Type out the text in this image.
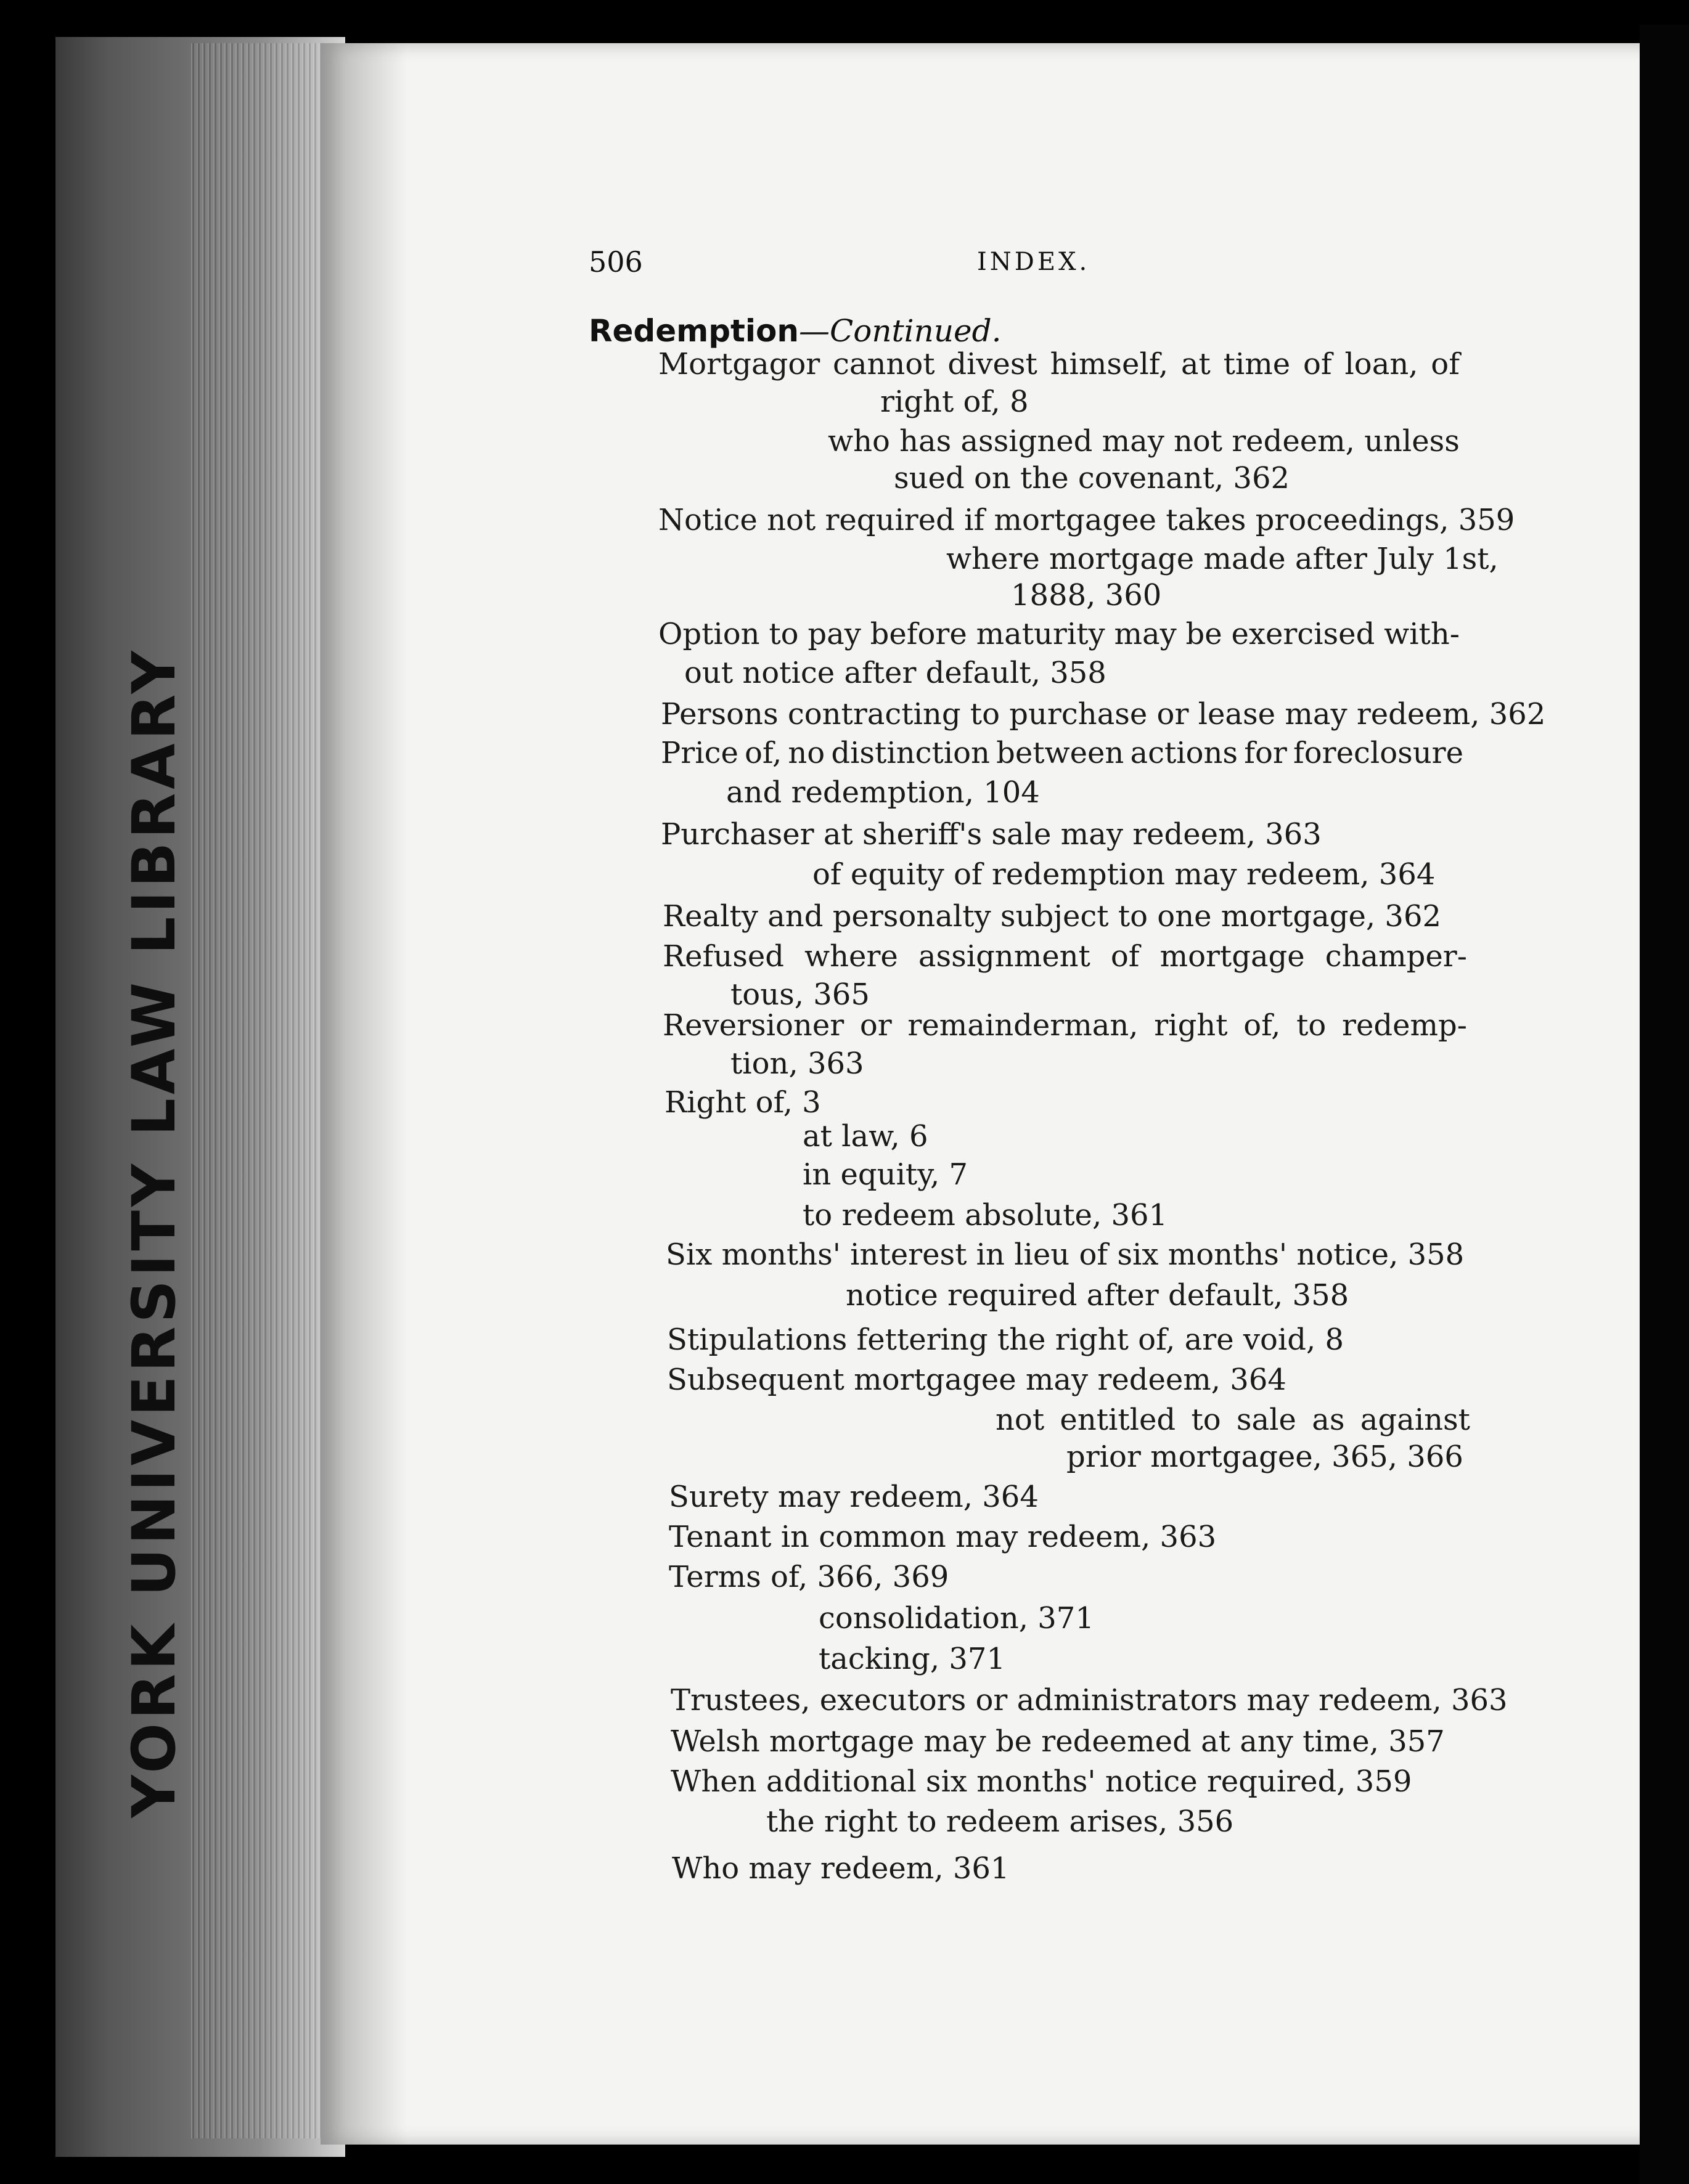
YORK UNIVERSITY LAW LIBRARY
506	INDEX.
Redemption—Continued.
Mortgagor cannot divest himself, at time of loan, of
right of, 8
who has assigned may not redeem, unless
sued on the covenant, 362
Notice not required if mortgagee takes proceedings, 359
where mortgage made after July 1st,
1888, 360
Option to pay before maturity may be exercised with-
out notice after default, 358
Persons contracting to purchase or lease may redeem, 362
Price of, no distinction between actions for foreclosure
and redemption, 104
Purchaser at sheriff's sale may redeem, 363
of equity of redemption may redeem, 364
Realty and personalty subject to one mortgage, 362
Refused where assignment of mortgage champer-
tous, 365
Reversioner or remainderman, right of, to redemp-
tion, 363
Right of, 3
at law, 6
in equity, 7
to redeem absolute, 361
Six months' interest in lieu of six months' notice, 358
notice required after default, 358
Stipulations fettering the right of, are void, 8
Subsequent mortgagee may redeem, 364
not entitled to sale as against
prior mortgagee, 365, 366
Surety may redeem, 364
Tenant in common may redeem, 363
Terms of, 366, 369
consolidation, 371
tacking, 371
Trustees, executors or administrators may redeem, 363
Welsh mortgage may be redeemed at any time, 357
When additional six months' notice required, 359
the right to redeem arises, 356
Who may redeem, 361
